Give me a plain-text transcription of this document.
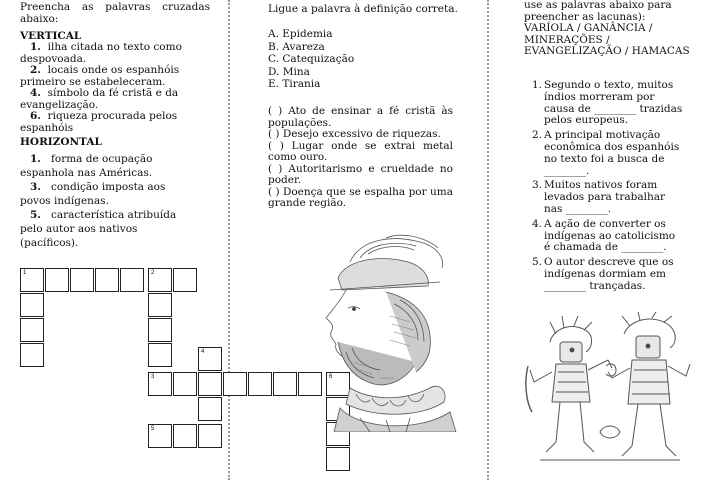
Preencha as palavras cruzadas abaixo:
VERTICAL
1. ilha citada no texto como despovoada.
2. locais onde os espanhóis primeiro se estabeleceram.
4. símbolo da fé cristã e da evangelização.
6. riqueza procurada pelos espanhóis
HORIZONTAL
1. forma de ocupação espanhola nas Américas.
3. condição imposta aos povos indígenas.
5. característica atribuída pelo autor aos nativos (pacíficos).
1	2
3	6
4
5
Ligue a palavra à definição correta.
A. Epidemia
B. Avareza
C. Catequização
D. Mina
E. Tirania
( ) Ato de ensinar a fé cristã às populações.
( ) Desejo excessivo de riquezas.
( ) Lugar onde se extrai metal como ouro.
( ) Autoritarismo e crueldade no poder.
( ) Doença que se espalha por uma grande região.
use as palavras abaixo para preencher as lacunas):
VARÍOLA / GANÂNCIA /
MINERAÇÕES /
EVANGELIZAÇÃO / HAMACAS
1. Segundo o texto, muitos índios morreram por causa de ________ trazidas pelos europeus.
2. A principal motivação econômica dos espanhóis no texto foi a busca de ________.
3. Muitos nativos foram levados para trabalhar nas ________.
4. A ação de converter os indígenas ao catolicismo é chamada de ________.
5. O autor descreve que os indígenas dormiam em ________ trançadas.
